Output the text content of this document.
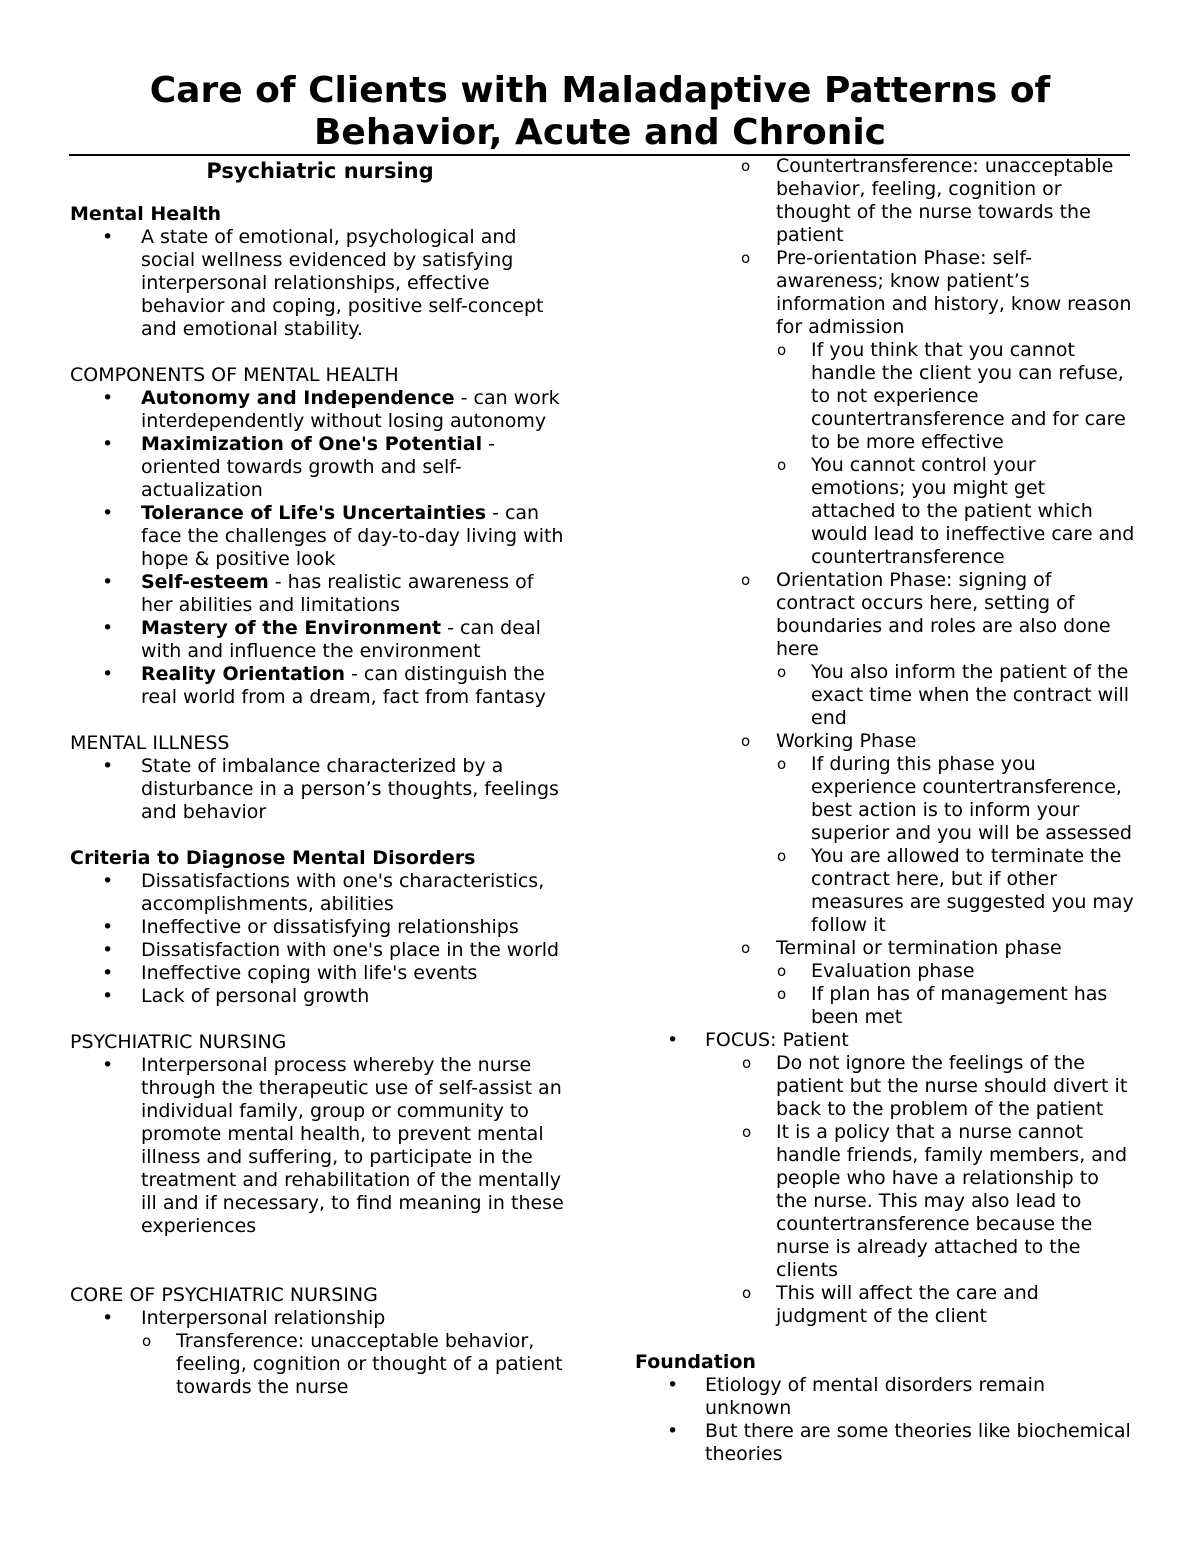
Care of Clients with Maladaptive Patterns of
Behavior, Acute and Chronic

Psychiatric nursing

Mental Health
• A state of emotional, psychological and social wellness evidenced by satisfying interpersonal relationships, effective behavior and coping, positive self-concept and emotional stability.
COMPONENTS OF MENTAL HEALTH
• Autonomy and Independence - can work interdependently without losing autonomy
• Maximization of One's Potential - oriented towards growth and self-actualization
• Tolerance of Life's Uncertainties - can face the challenges of day-to-day living with hope & positive look
• Self-esteem - has realistic awareness of her abilities and limitations
• Mastery of the Environment - can deal with and influence the environment
• Reality Orientation - can distinguish the real world from a dream, fact from fantasy
MENTAL ILLNESS
• State of imbalance characterized by a disturbance in a person’s thoughts, feelings and behavior
Criteria to Diagnose Mental Disorders
• Dissatisfactions with one's characteristics, accomplishments, abilities
• Ineffective or dissatisfying relationships
• Dissatisfaction with one's place in the world
• Ineffective coping with life's events
• Lack of personal growth
PSYCHIATRIC NURSING
• Interpersonal process whereby the nurse through the therapeutic use of self-assist an individual family, group or community to promote mental health, to prevent mental illness and suffering, to participate in the treatment and rehabilitation of the mentally ill and if necessary, to find meaning in these experiences
CORE OF PSYCHIATRIC NURSING
• Interpersonal relationship
o Transference: unacceptable behavior, feeling, cognition or thought of a patient towards the nurse
o Countertransference: unacceptable behavior, feeling, cognition or thought of the nurse towards the patient
o Pre-orientation Phase: self-awareness; know patient’s information and history, know reason for admission
o If you think that you cannot handle the client you can refuse, to not experience countertransference and for care to be more effective
o You cannot control your emotions; you might get attached to the patient which would lead to ineffective care and countertransference
o Orientation Phase: signing of contract occurs here, setting of boundaries and roles are also done here
o You also inform the patient of the exact time when the contract will end
o Working Phase
o If during this phase you experience countertransference, best action is to inform your superior and you will be assessed
o You are allowed to terminate the contract here, but if other measures are suggested you may follow it
o Terminal or termination phase
o Evaluation phase
o If plan has of management has been met
• FOCUS: Patient
o Do not ignore the feelings of the patient but the nurse should divert it back to the problem of the patient
o It is a policy that a nurse cannot handle friends, family members, and people who have a relationship to the nurse. This may also lead to countertransference because the nurse is already attached to the clients
o This will affect the care and judgment of the client
Foundation
• Etiology of mental disorders remain unknown
• But there are some theories like biochemical theories
